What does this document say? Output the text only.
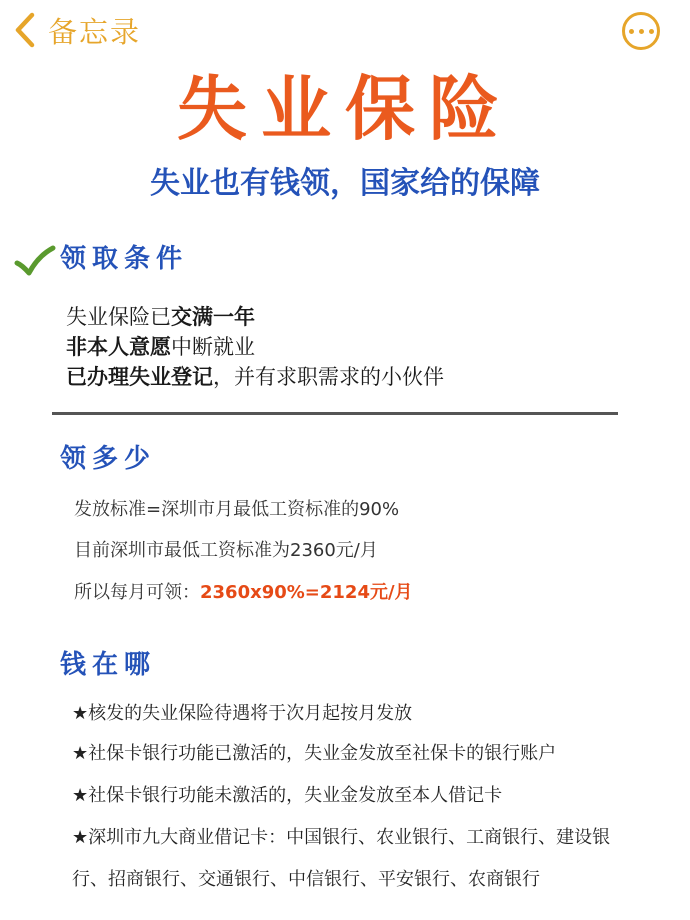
备忘录
失业保险
失业也有钱领，国家给的保障
领取条件
失业保险已交满一年
非本人意愿中断就业
已办理失业登记，并有求职需求的小伙伴
领多少
发放标准=深圳市月最低工资标准的90%
目前深圳市最低工资标准为2360元/月
所以每月可领：2360x90%=2124元/月
钱在哪
★核发的失业保险待遇将于次月起按月发放
★社保卡银行功能已激活的，失业金发放至社保卡的银行账户
★社保卡银行功能未激活的，失业金发放至本人借记卡
★深圳市九大商业借记卡：中国银行、农业银行、工商银行、建设银
行、招商银行、交通银行、中信银行、平安银行、农商银行
